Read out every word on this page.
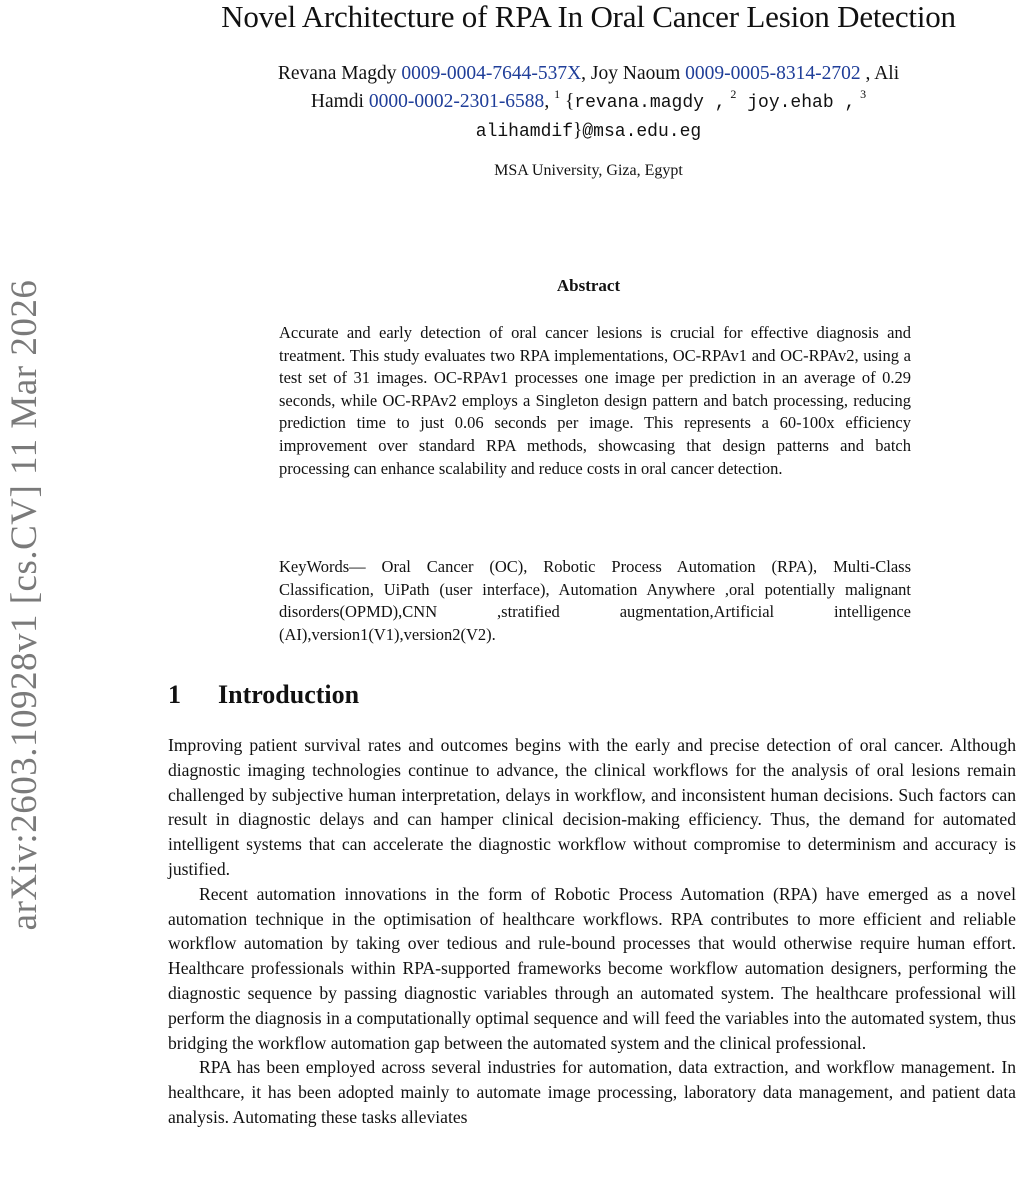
arXiv:2603.10928v1 [cs.CV] 11 Mar 2026
Novel Architecture of RPA In Oral Cancer Lesion Detection
Revana Magdy 0009-0004-7644-537X, Joy Naoum 0009-0005-8314-2702 , Ali
Hamdi 0000-0002-2301-6588, $^1$ {revana.magdy , $^2$ joy.ehab , $^3$
alihamdif}@msa.edu.eg
MSA University, Giza, Egypt
Abstract
Accurate and early detection of oral cancer lesions is crucial for effective diagnosis and treatment. This study evaluates two RPA implementations, OC-RPAv1 and OC-RPAv2, using a test set of 31 images. OC-RPAv1 processes one image per prediction in an average of 0.29 seconds, while OC-RPAv2 employs a Singleton design pattern and batch processing, reducing prediction time to just 0.06 seconds per image. This represents a 60-100x efficiency improvement over standard RPA methods, showcasing that design patterns and batch processing can enhance scalability and reduce costs in oral cancer detection.
KeyWords— Oral Cancer (OC), Robotic Process Automation (RPA), Multi-Class Classification, UiPath (user interface), Automation Anywhere ,oral potentially malignant disorders(OPMD),CNN ,stratified augmentation,Artificial intelligence (AI),version1(V1),version2(V2).
1 Introduction

Improving patient survival rates and outcomes begins with the early and precise detection of oral cancer. Although diagnostic imaging technologies continue to advance, the clinical workflows for the analysis of oral lesions remain challenged by subjective human interpretation, delays in workflow, and inconsistent human decisions. Such factors can result in diagnostic delays and can hamper clinical decision-making efficiency. Thus, the demand for automated intelligent systems that can accelerate the diagnostic workflow without compromise to determinism and accuracy is justified.

Recent automation innovations in the form of Robotic Process Automation (RPA) have emerged as a novel automation technique in the optimisation of healthcare workflows. RPA contributes to more efficient and reliable workflow automation by taking over tedious and rule-bound processes that would otherwise require human effort. Healthcare professionals within RPA-supported frameworks become workflow automation designers, performing the diagnostic sequence by passing diagnostic variables through an automated system. The healthcare professional will perform the diagnosis in a computationally optimal sequence and will feed the variables into the automated system, thus bridging the workflow automation gap between the automated system and the clinical professional.

RPA has been employed across several industries for automation, data extraction, and workflow management. In healthcare, it has been adopted mainly to automate image processing, laboratory data management, and patient data analysis. Automating these tasks alleviates
